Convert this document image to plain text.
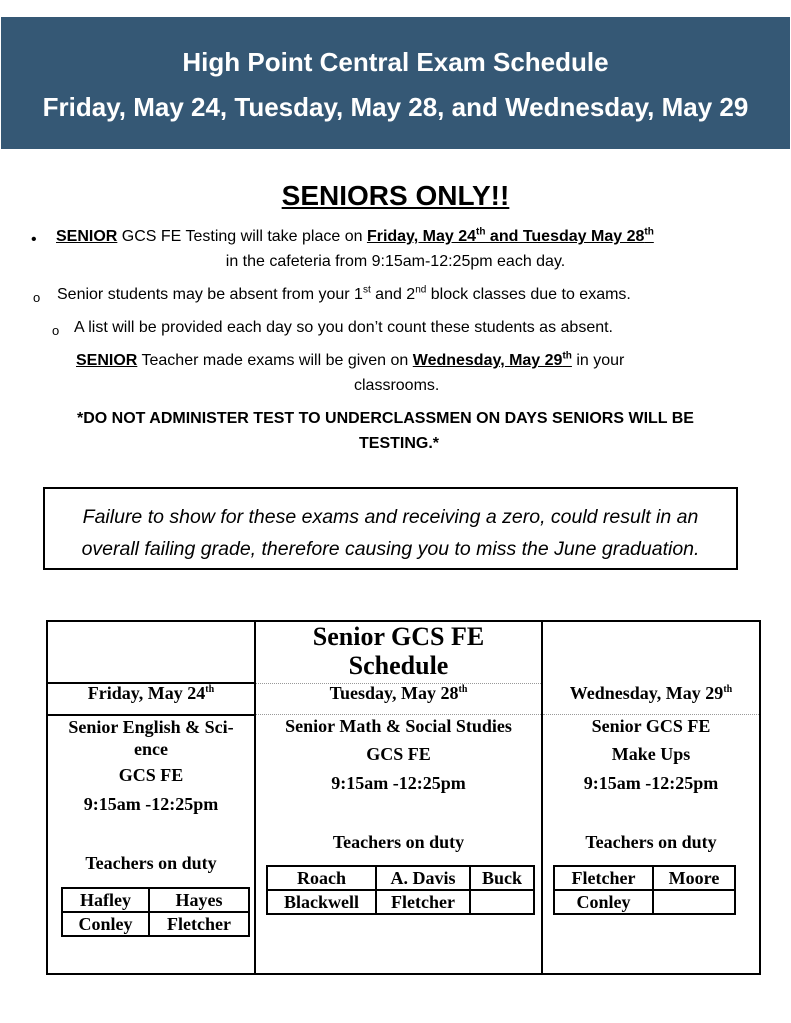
High Point Central Exam Schedule
Friday, May 24, Tuesday, May 28, and Wednesday, May 29
SENIORS ONLY!!
• SENIOR GCS FE Testing will take place on Friday, May 24th and Tuesday May 28th
in the cafeteria from 9:15am-12:25pm each day.
o Senior students may be absent from your 1st and 2nd block classes due to exams.
o A list will be provided each day so you don’t count these students as absent.
SENIOR Teacher made exams will be given on Wednesday, May 29th in your
classrooms.
*DO NOT ADMINISTER TEST TO UNDERCLASSMEN ON DAYS SENIORS WILL BE
TESTING.*
Failure to show for these exams and receiving a zero, could result in an
overall failing grade, therefore causing you to miss the June graduation.
Senior GCS FE
Schedule
Friday, May 24th	Tuesday, May 28th	Wednesday, May 29th
Senior English & Sci-
ence
GCS FE
9:15am -12:25pm
Teachers on duty
Hafley	Hayes
Conley	Fletcher
Senior Math & Social Studies
GCS FE
9:15am -12:25pm
Teachers on duty
Roach	A. Davis	Buck
Blackwell	Fletcher	
Senior GCS FE
Make Ups
9:15am -12:25pm
Teachers on duty
Fletcher	Moore
Conley	
